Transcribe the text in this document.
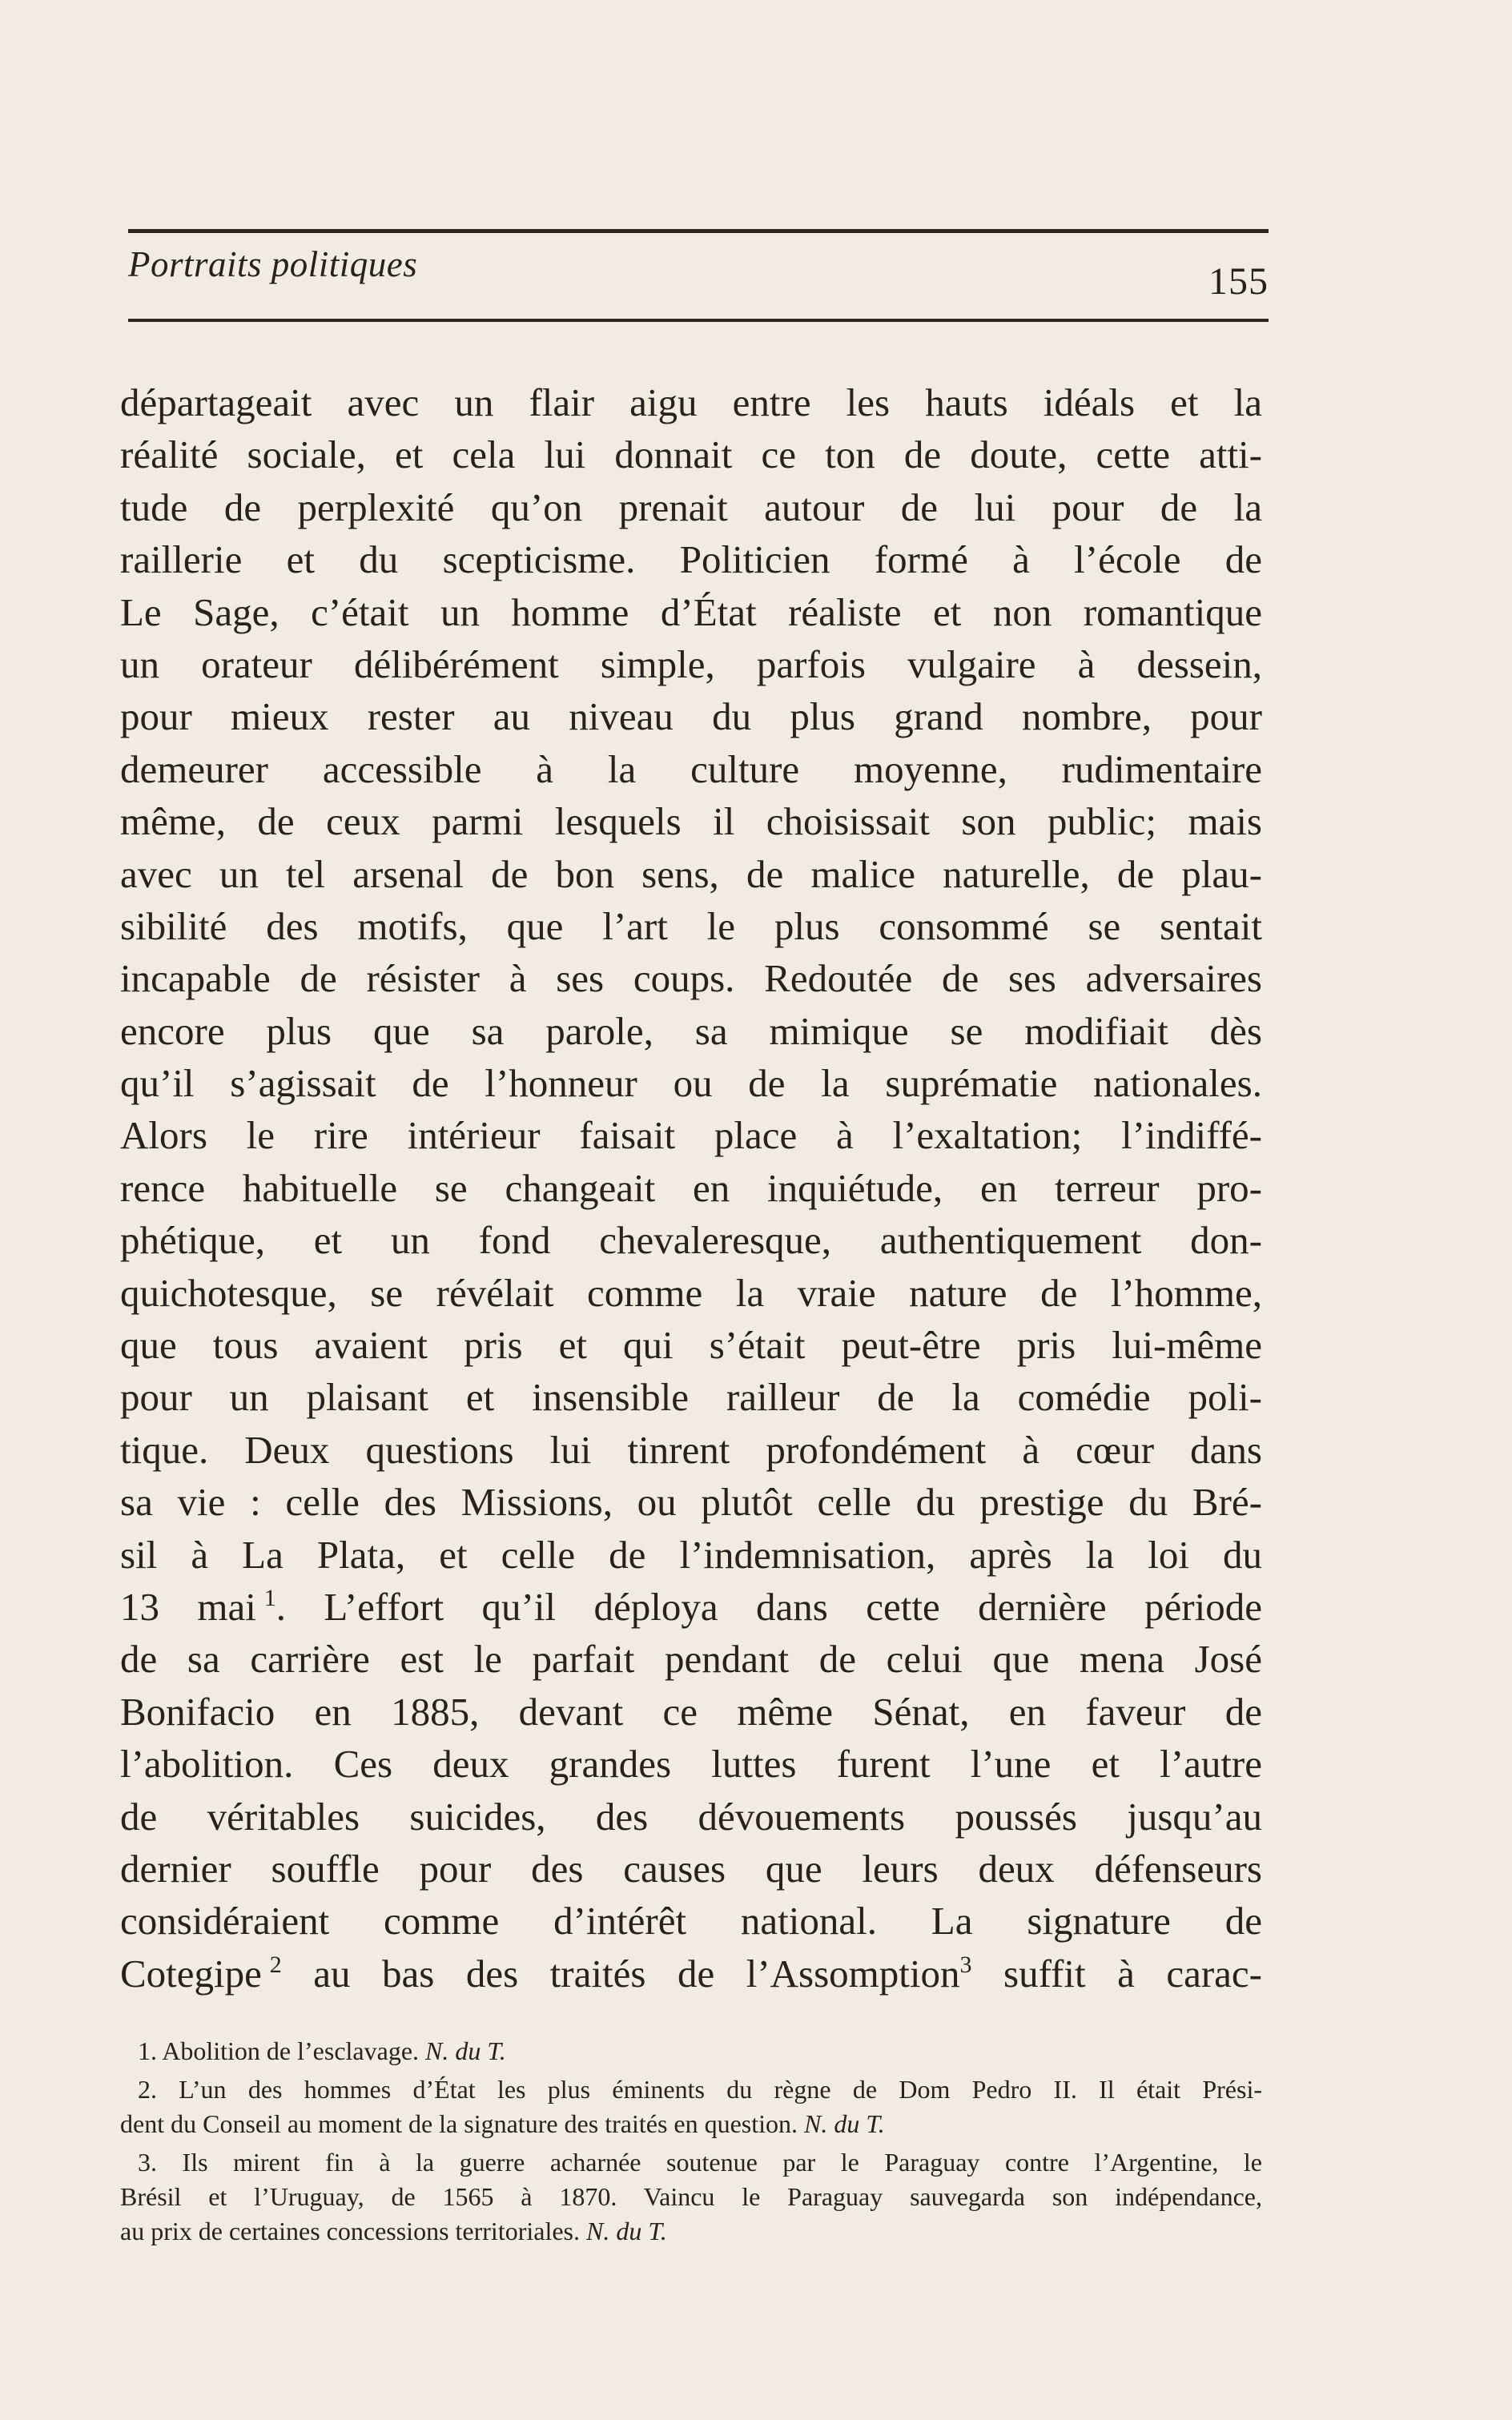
Portraits politiques	155
départageait avec un flair aigu entre les hauts idéals et la
réalité sociale, et cela lui donnait ce ton de doute, cette atti-
tude de perplexité qu’on prenait autour de lui pour de la
raillerie et du scepticisme. Politicien formé à l’école de
Le Sage, c’était un homme d’État réaliste et non romantique
un orateur délibérément simple, parfois vulgaire à dessein,
pour mieux rester au niveau du plus grand nombre, pour
demeurer accessible à la culture moyenne, rudimentaire
même, de ceux parmi lesquels il choisissait son public; mais
avec un tel arsenal de bon sens, de malice naturelle, de plau-
sibilité des motifs, que l’art le plus consommé se sentait
incapable de résister à ses coups. Redoutée de ses adversaires
encore plus que sa parole, sa mimique se modifiait dès
qu’il s’agissait de l’honneur ou de la suprématie nationales.
Alors le rire intérieur faisait place à l’exaltation; l’indiffé-
rence habituelle se changeait en inquiétude, en terreur pro-
phétique, et un fond chevaleresque, authentiquement don-
quichotesque, se révélait comme la vraie nature de l’homme,
que tous avaient pris et qui s’était peut-être pris lui-même
pour un plaisant et insensible railleur de la comédie poli-
tique. Deux questions lui tinrent profondément à cœur dans
sa vie : celle des Missions, ou plutôt celle du prestige du Bré-
sil à La Plata, et celle de l’indemnisation, après la loi du
13 mai  $^1$. L’effort qu’il déploya dans cette dernière période
de sa carrière est le parfait pendant de celui que mena José
Bonifacio en 1885, devant ce même Sénat, en faveur de
l’abolition. Ces deux grandes luttes furent l’une et l’autre
de véritables suicides, des dévouements poussés jusqu’au
dernier souffle pour des causes que leurs deux défenseurs
considéraient comme d’intérêt national. La signature de
Cotegipe  $^2$ au bas des traités de l’Assomption$^3$ suffit à carac-
1. Abolition de l’esclavage. N. du T.
2. L’un des hommes d’État les plus éminents du règne de Dom Pedro II. Il était Prési-
dent du Conseil au moment de la signature des traités en question. N. du T.
3. Ils mirent fin à la guerre acharnée soutenue par le Paraguay contre l’Argentine, le
Brésil et l’Uruguay, de 1565 à 1870. Vaincu le Paraguay sauvegarda son indépendance,
au prix de certaines concessions territoriales. N. du T.
